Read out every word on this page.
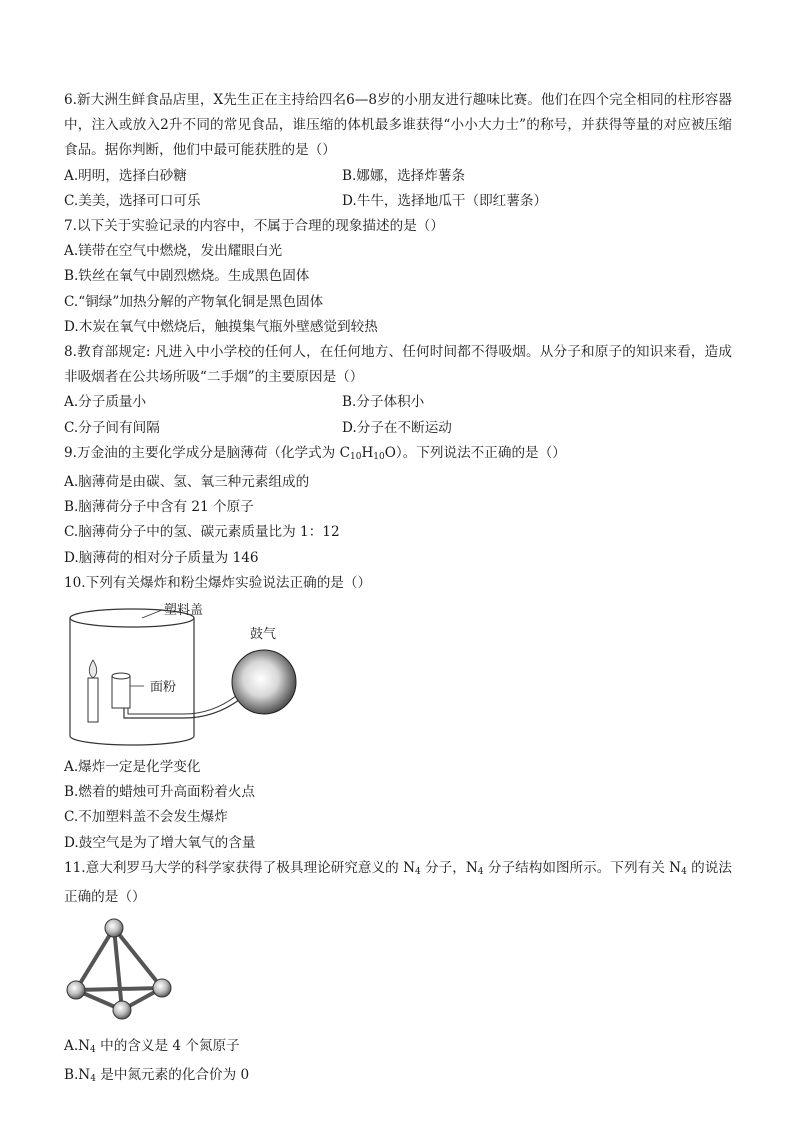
6.新大洲生鲜食品店里，X先生正在主持给四名6—8岁的小朋友进行趣味比赛。他们在四个完全相同的柱形容器中，注入或放入2升不同的常见食品，谁压缩的体机最多谁获得“小小大力士”的称号，并获得等量的对应被压缩食品。据你判断，他们中最可能获胜的是（）
A.明明，选择白砂糖	B.娜娜，选择炸薯条
C.美美，选择可口可乐	D.牛牛，选择地瓜干（即红薯条）
7.以下关于实验记录的内容中，不属于合理的现象描述的是（）
A.镁带在空气中燃烧，发出耀眼白光
B.铁丝在氧气中剧烈燃烧。生成黑色固体
C.“铜绿”加热分解的产物氧化铜是黑色固体
D.木炭在氧气中燃烧后，触摸集气瓶外壁感觉到较热
8.教育部规定: 凡进入中小学校的任何人，在任何地方、任何时间都不得吸烟。从分子和原子的知识来看，造成非吸烟者在公共场所吸“二手烟”的主要原因是（）
A.分子质量小	B.分子体积小
C.分子间有间隔	D.分子在不断运动
9.万金油的主要化学成分是脑薄荷（化学式为 $C_{10}H_{10}O$）。下列说法不正确的是（）
A.脑薄荷是由碳、氢、氧三种元素组成的
B.脑薄荷分子中含有 21 个原子
C.脑薄荷分子中的氢、碳元素质量比为 1：12
D.脑薄荷的相对分子质量为 146
10.下列有关爆炸和粉尘爆炸实验说法正确的是（）
塑料盖
面粉
鼓气
A.爆炸一定是化学变化
B.燃着的蜡烛可升高面粉着火点
C.不加塑料盖不会发生爆炸
D.鼓空气是为了增大氧气的含量
11.意大利罗马大学的科学家获得了极具理论研究意义的 $N_4$ 分子，$N_4$ 分子结构如图所示。下列有关 $N_4$ 的说法正确的是（）
$A.N_4$ 中的含义是 4 个氮原子
$B.N_4$ 是中氮元素的化合价为 0
